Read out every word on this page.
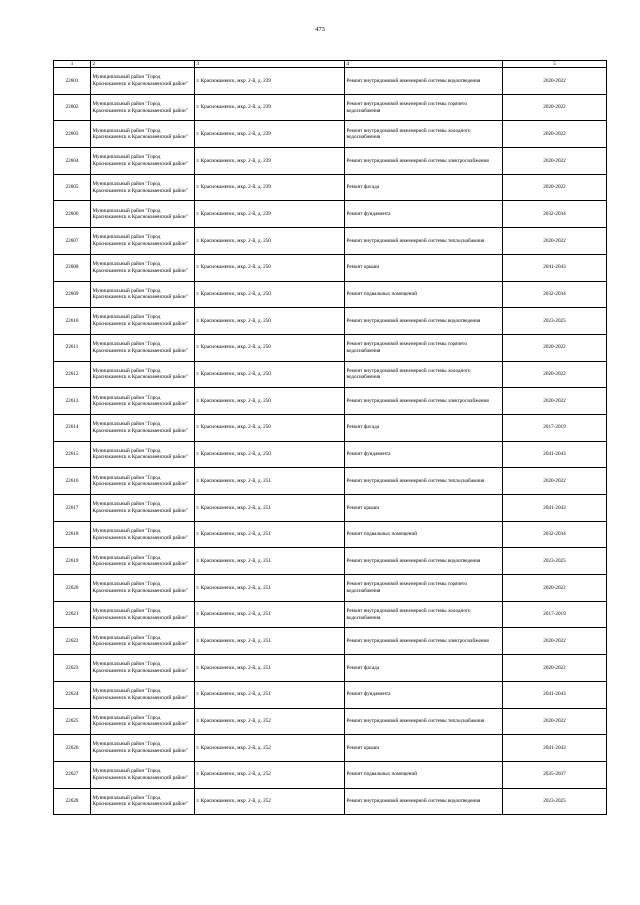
473
1	2	3	4	5
22601	Муниципальный район "Город Краснокаменск и Краснокаменский район"	г. Краснокаменск, мкр. 2-й, д. 239	Ремонт внутридомовой инженерной системы водоотведения	2020-2022
22602	Муниципальный район "Город Краснокаменск и Краснокаменский район"	г. Краснокаменск, мкр. 2-й, д. 239	Ремонт внутридомовой инженерной системы горячего водоснабжения	2020-2022
22603	Муниципальный район "Город Краснокаменск и Краснокаменский район"	г. Краснокаменск, мкр. 2-й, д. 239	Ремонт внутридомовой инженерной системы холодного водоснабжения	2020-2022
22604	Муниципальный район "Город Краснокаменск и Краснокаменский район"	г. Краснокаменск, мкр. 2-й, д. 239	Ремонт внутридомовой инженерной системы электроснабжения	2020-2022
22605	Муниципальный район "Город Краснокаменск и Краснокаменский район"	г. Краснокаменск, мкр. 2-й, д. 239	Ремонт фасада	2020-2022
22606	Муниципальный район "Город Краснокаменск и Краснокаменский район"	г. Краснокаменск, мкр. 2-й, д. 239	Ремонт фундамента	2032-2034
22607	Муниципальный район "Город Краснокаменск и Краснокаменский район"	г. Краснокаменск, мкр. 2-й, д. 250	Ремонт внутридомовой инженерной системы теплоснабжения	2020-2022
22608	Муниципальный район "Город Краснокаменск и Краснокаменский район"	г. Краснокаменск, мкр. 2-й, д. 250	Ремонт крыши	2041-2043
22609	Муниципальный район "Город Краснокаменск и Краснокаменский район"	г. Краснокаменск, мкр. 2-й, д. 250	Ремонт подвальных помещений	2032-2034
22610	Муниципальный район "Город Краснокаменск и Краснокаменский район"	г. Краснокаменск, мкр. 2-й, д. 250	Ремонт внутридомовой инженерной системы водоотведения	2023-2025
22611	Муниципальный район "Город Краснокаменск и Краснокаменский район"	г. Краснокаменск, мкр. 2-й, д. 250	Ремонт внутридомовой инженерной системы горячего водоснабжения	2020-2022
22612	Муниципальный район "Город Краснокаменск и Краснокаменский район"	г. Краснокаменск, мкр. 2-й, д. 250	Ремонт внутридомовой инженерной системы холодного водоснабжения	2020-2022
22613	Муниципальный район "Город Краснокаменск и Краснокаменский район"	г. Краснокаменск, мкр. 2-й, д. 250	Ремонт внутридомовой инженерной системы электроснабжения	2020-2022
22614	Муниципальный район "Город Краснокаменск и Краснокаменский район"	г. Краснокаменск, мкр. 2-й, д. 250	Ремонт фасада	2017-2019
22615	Муниципальный район "Город Краснокаменск и Краснокаменский район"	г. Краснокаменск, мкр. 2-й, д. 250	Ремонт фундамента	2041-2043
22616	Муниципальный район "Город Краснокаменск и Краснокаменский район"	г. Краснокаменск, мкр. 2-й, д. 251	Ремонт внутридомовой инженерной системы теплоснабжения	2020-2022
22617	Муниципальный район "Город Краснокаменск и Краснокаменский район"	г. Краснокаменск, мкр. 2-й, д. 251	Ремонт крыши	2041-2043
22618	Муниципальный район "Город Краснокаменск и Краснокаменский район"	г. Краснокаменск, мкр. 2-й, д. 251	Ремонт подвальных помещений	2032-2034
22619	Муниципальный район "Город Краснокаменск и Краснокаменский район"	г. Краснокаменск, мкр. 2-й, д. 251	Ремонт внутридомовой инженерной системы водоотведения	2023-2025
22620	Муниципальный район "Город Краснокаменск и Краснокаменский район"	г. Краснокаменск, мкр. 2-й, д. 251	Ремонт внутридомовой инженерной системы горячего водоснабжения	2020-2022
22621	Муниципальный район "Город Краснокаменск и Краснокаменский район"	г. Краснокаменск, мкр. 2-й, д. 251	Ремонт внутридомовой инженерной системы холодного водоснабжения	2017-2019
22622	Муниципальный район "Город Краснокаменск и Краснокаменский район"	г. Краснокаменск, мкр. 2-й, д. 251	Ремонт внутридомовой инженерной системы электроснабжения	2020-2022
22623	Муниципальный район "Город Краснокаменск и Краснокаменский район"	г. Краснокаменск, мкр. 2-й, д. 251	Ремонт фасада	2020-2022
22624	Муниципальный район "Город Краснокаменск и Краснокаменский район"	г. Краснокаменск, мкр. 2-й, д. 251	Ремонт фундамента	2041-2043
22625	Муниципальный район "Город Краснокаменск и Краснокаменский район"	г. Краснокаменск, мкр. 2-й, д. 252	Ремонт внутридомовой инженерной системы теплоснабжения	2020-2022
22626	Муниципальный район "Город Краснокаменск и Краснокаменский район"	г. Краснокаменск, мкр. 2-й, д. 252	Ремонт крыши	2041-2043
22627	Муниципальный район "Город Краснокаменск и Краснокаменский район"	г. Краснокаменск, мкр. 2-й, д. 252	Ремонт подвальных помещений	2035-2037
22628	Муниципальный район "Город Краснокаменск и Краснокаменский район"	г. Краснокаменск, мкр. 2-й, д. 252	Ремонт внутридомовой инженерной системы водоотведения	2023-2025
